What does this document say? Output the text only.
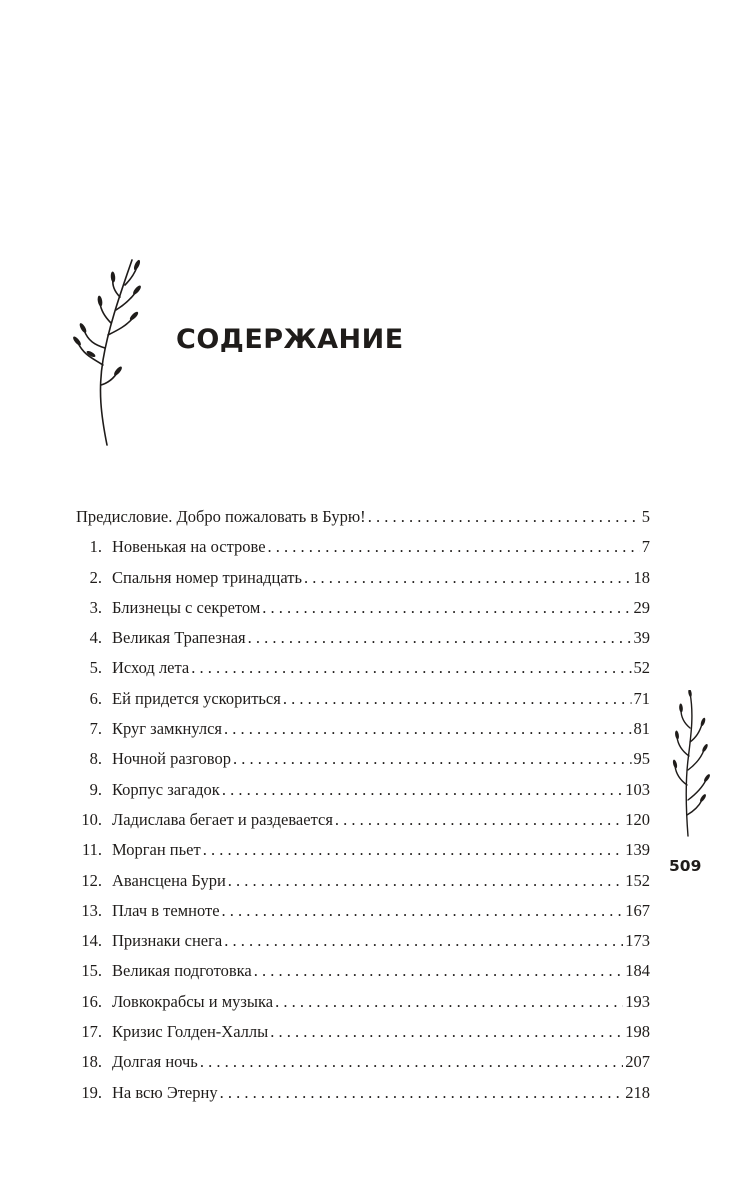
СОДЕРЖАНИЕ
Предисловие. Добро пожаловать в Бурю! . . .	5
1. Новенькая на острове . . .	7
2. Спальня номер тринадцать . . .	18
3. Близнецы с секретом . . .	29
4. Великая Трапезная . . .	39
5. Исход лета . . .	52
6. Ей придется ускориться . . .	71
7. Круг замкнулся . . .	81
8. Ночной разговор . . .	95
9. Корпус загадок . . .	103
10. Ладислава бегает и раздевается . . .	120
11. Морган пьет . . .	139
12. Авансцена Бури . . .	152
13. Плач в темноте . . .	167
14. Признаки снега . . .	173
15. Великая подготовка . . .	184
16. Ловкокрабсы и музыка . . .	193
17. Кризис Голден-Халлы . . .	198
18. Долгая ночь . . .	207
19. На всю Этерну . . .	218
509
